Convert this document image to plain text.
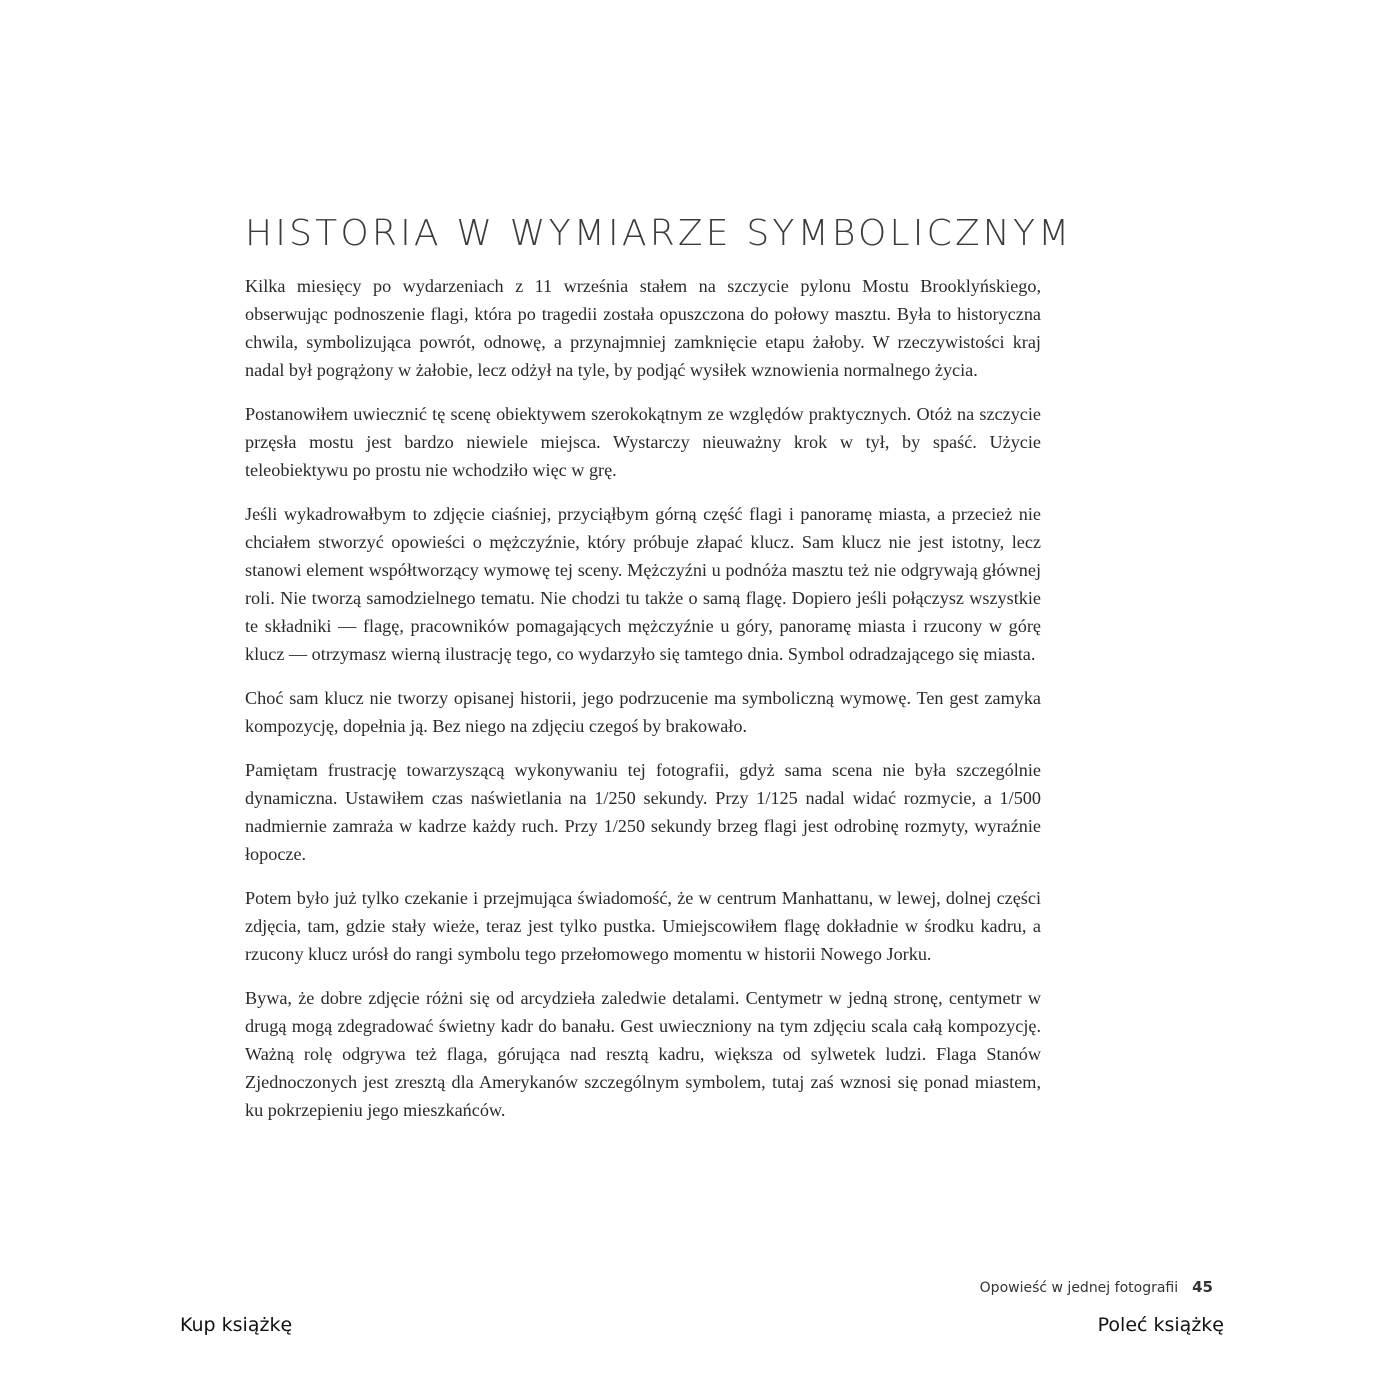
HISTORIA W WYMIARZE SYMBOLICZNYM

Kilka miesięcy po wydarzeniach z 11 września stałem na szczycie pylonu Mostu Brooklyńskiego, obserwując podnoszenie flagi, która po tragedii została opuszczona do połowy masztu. Była to historyczna chwila, symbolizująca powrót, odnowę, a przynajmniej zamknięcie etapu żałoby. W rzeczywistości kraj nadal był pogrążony w żałobie, lecz odżył na tyle, by podjąć wysiłek wznowienia normalnego życia.

Postanowiłem uwiecznić tę scenę obiektywem szerokokątnym ze względów praktycznych. Otóż na szczycie przęsła mostu jest bardzo niewiele miejsca. Wystarczy nieuważny krok w tył, by spaść. Użycie teleobiektywu po prostu nie wchodziło więc w grę.

Jeśli wykadrowałbym to zdjęcie ciaśniej, przyciąłbym górną część flagi i panoramę miasta, a przecież nie chciałem stworzyć opowieści o mężczyźnie, który próbuje złapać klucz. Sam klucz nie jest istotny, lecz stanowi element współtworzący wymowę tej sceny. Mężczyźni u podnóża masztu też nie odgrywają głównej roli. Nie tworzą samodzielnego tematu. Nie chodzi tu także o samą flagę. Dopiero jeśli połączysz wszystkie te składniki — flagę, pracowników pomagających mężczyźnie u góry, panoramę miasta i rzucony w górę klucz — otrzymasz wierną ilustrację tego, co wydarzyło się tamtego dnia. Symbol odradzającego się miasta.

Choć sam klucz nie tworzy opisanej historii, jego podrzucenie ma symboliczną wymowę. Ten gest zamyka kompozycję, dopełnia ją. Bez niego na zdjęciu czegoś by brakowało.

Pamiętam frustrację towarzyszącą wykonywaniu tej fotografii, gdyż sama scena nie była szczególnie dynamiczna. Ustawiłem czas naświetlania na 1/250 sekundy. Przy 1/125 nadal widać rozmycie, a 1/500 nadmiernie zamraża w kadrze każdy ruch. Przy 1/250 sekundy brzeg flagi jest odrobinę rozmyty, wyraźnie łopocze.

Potem było już tylko czekanie i przejmująca świadomość, że w centrum Manhattanu, w lewej, dolnej części zdjęcia, tam, gdzie stały wieże, teraz jest tylko pustka. Umiejscowiłem flagę dokładnie w środku kadru, a rzucony klucz urósł do rangi symbolu tego przełomowego momentu w historii Nowego Jorku.

Bywa, że dobre zdjęcie różni się od arcydzieła zaledwie detalami. Centymetr w jedną stronę, centymetr w drugą mogą zdegradować świetny kadr do banału. Gest uwieczniony na tym zdjęciu scala całą kompozycję. Ważną rolę odgrywa też flaga, górująca nad resztą kadru, większa od sylwetek ludzi. Flaga Stanów Zjednoczonych jest zresztą dla Amerykanów szczególnym symbolem, tutaj zaś wznosi się ponad miastem, ku pokrzepieniu jego mieszkańców.

Opowieść w jednej fotografii 45
Kup książkę	Poleć książkę
